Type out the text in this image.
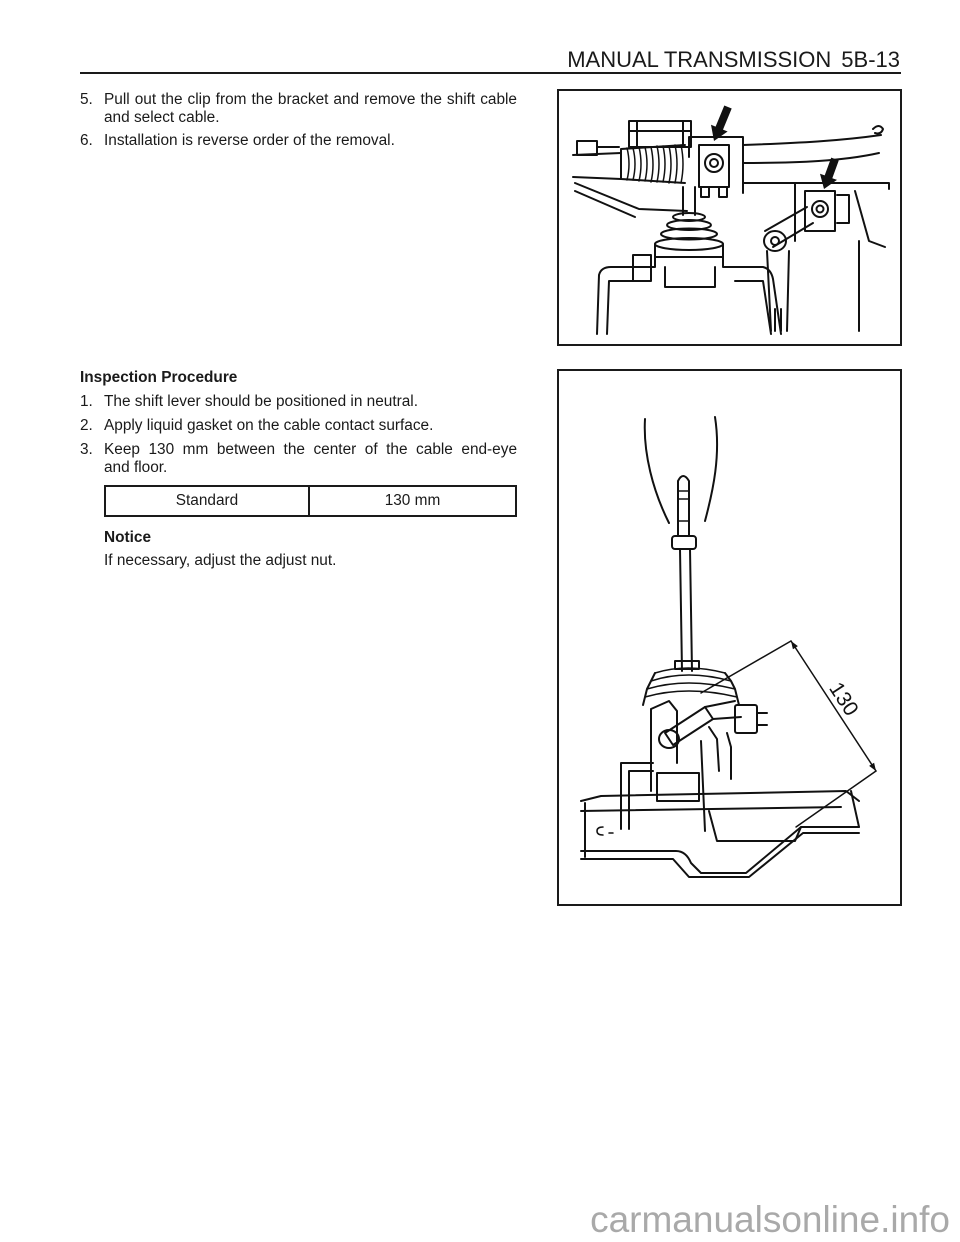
MANUAL TRANSMISSION 5B-13
5. Pull out the clip from the bracket and remove the shift cable
and select cable.
6. Installation is reverse order of the removal.
Inspection Procedure
1. The shift lever should be positioned in neutral.
2. Apply liquid gasket on the cable contact surface.
3. Keep 130 mm between the center of the cable end-eye
and floor.
Standard	130 mm
Notice
If necessary, adjust the adjust nut.
130
carmanualsonline.info
